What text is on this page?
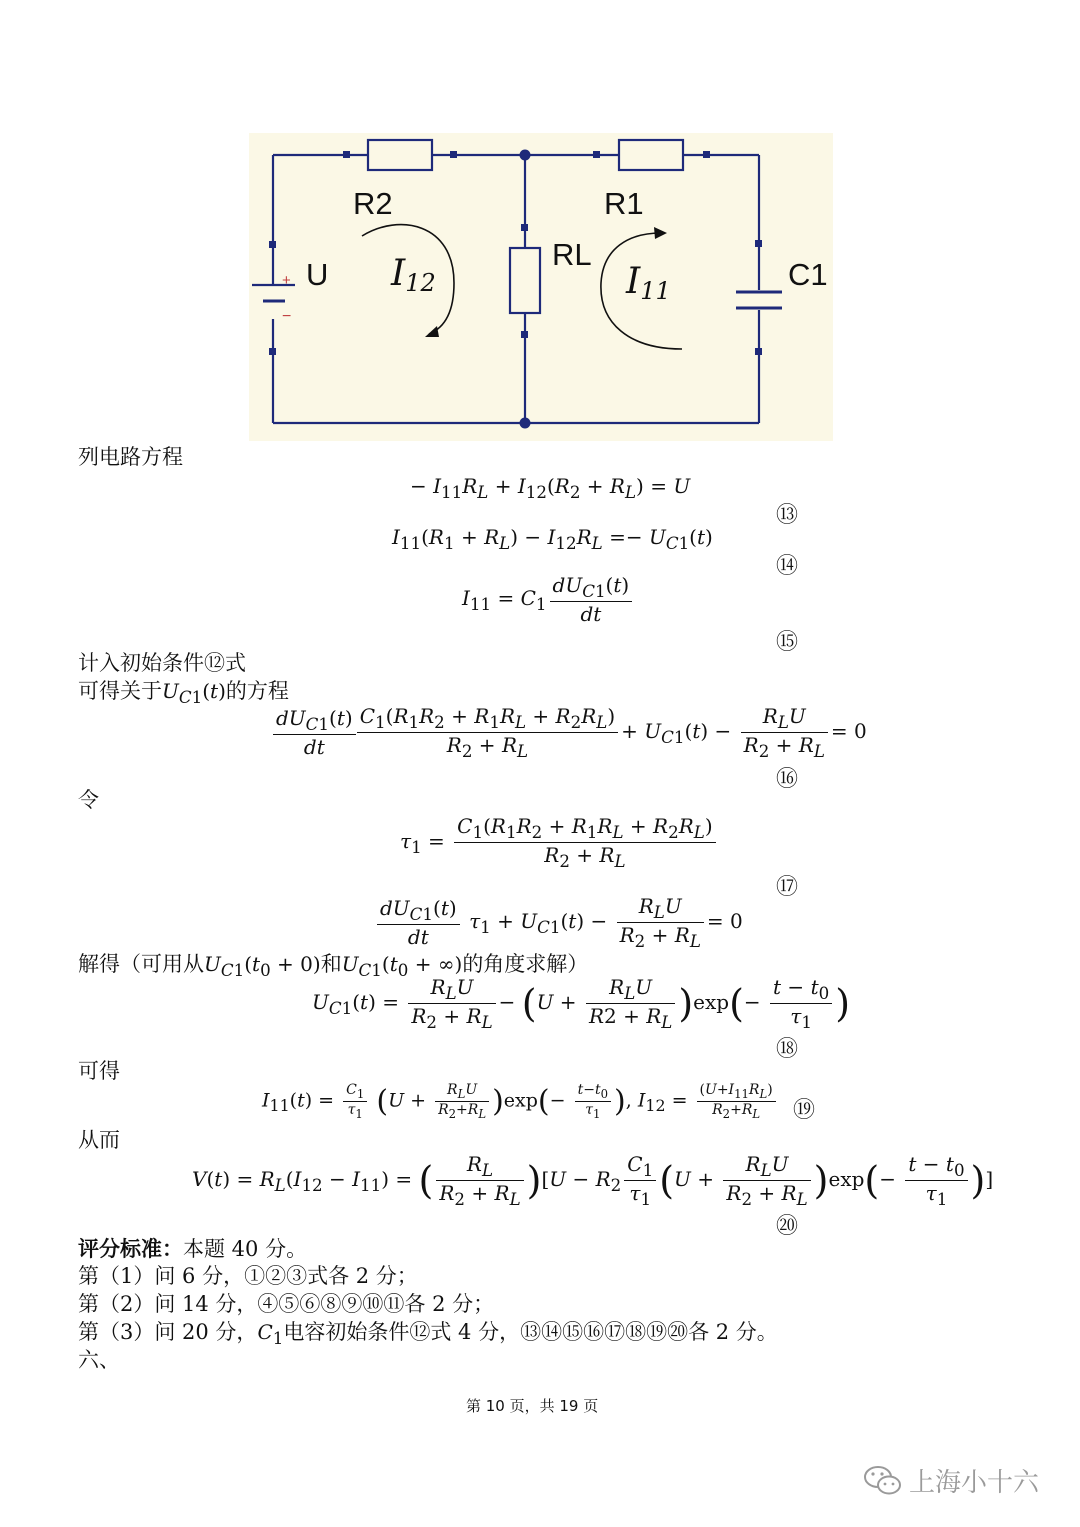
R2	R1
RL
U	C1
+
−
I12	I11
列电路方程
− $I_{11}R_L + I_{12}(R_2 + R_L) = U$
⑬
$I_{11}(R_1 + R_L) - I_{12}R_L =- U_{C1}(t)$
⑭
$I_{11} = C_1 \frac{dU_{C1}(t)}{dt}$
⑮
计入初始条件⑫式
可得关于$U_{C1}(t)$的方程
$\frac{dU_{C1}(t)}{dt} \frac{C_1(R_1R_2 + R_1R_L + R_2R_L)}{R_2 + R_L} + U_{C1}(t) - \frac{R_LU}{R_2 + R_L} = 0$
⑯
令
$\tau_1 = \frac{C_1(R_1R_2 + R_1R_L + R_2R_L)}{R_2 + R_L}$
⑰
$\frac{dU_{C1}(t)}{dt} \tau_1 + U_{C1}(t) - \frac{R_LU}{R_2 + R_L} = 0$
解得（可用从$U_{C1}(t_0 + 0)$和$U_{C1}(t_0$ + ∞)的角度求解）
$U_{C1}(t) = \frac{R_LU}{R_2 + R_L} - (U + \frac{R_LU}{R2 + R_L} )\exp(- \frac{t - t_0}{\tau_1}$ )
⑱
可得
$I_{11}(t) = \frac{C_1}{\tau_1} (U + \frac{R_LU}{R_2+R_L} )\exp(- \frac{t-t_0}{\tau_1}$ ), $I_{12} = \frac{(U+I_{11}R_L)}{R_2+R_L}$ ⑲
从而
$V(t) = R_L(I_{12} - I_{11})$ = ( $\frac{R_L}{R_2 + R_L} )[U - R_2 \frac{C_1}{\tau_1} (U + \frac{R_LU}{R_2 + R_L} )\exp(- \frac{t - t_0}{\tau_1}$ )]
⑳
评分标准：本题 40 分。
第（1）问 6 分，①②③式各 2 分；
第（2）问 14 分，④⑤⑥⑧⑨⑩⑪各 2 分；
第（3）问 20 分，$C_1$电容初始条件⑫式 4 分，⑬⑭⑮⑯⑰⑱⑲⑳各 2 分。
六、
第 10 页，共 19 页
上海小十六
